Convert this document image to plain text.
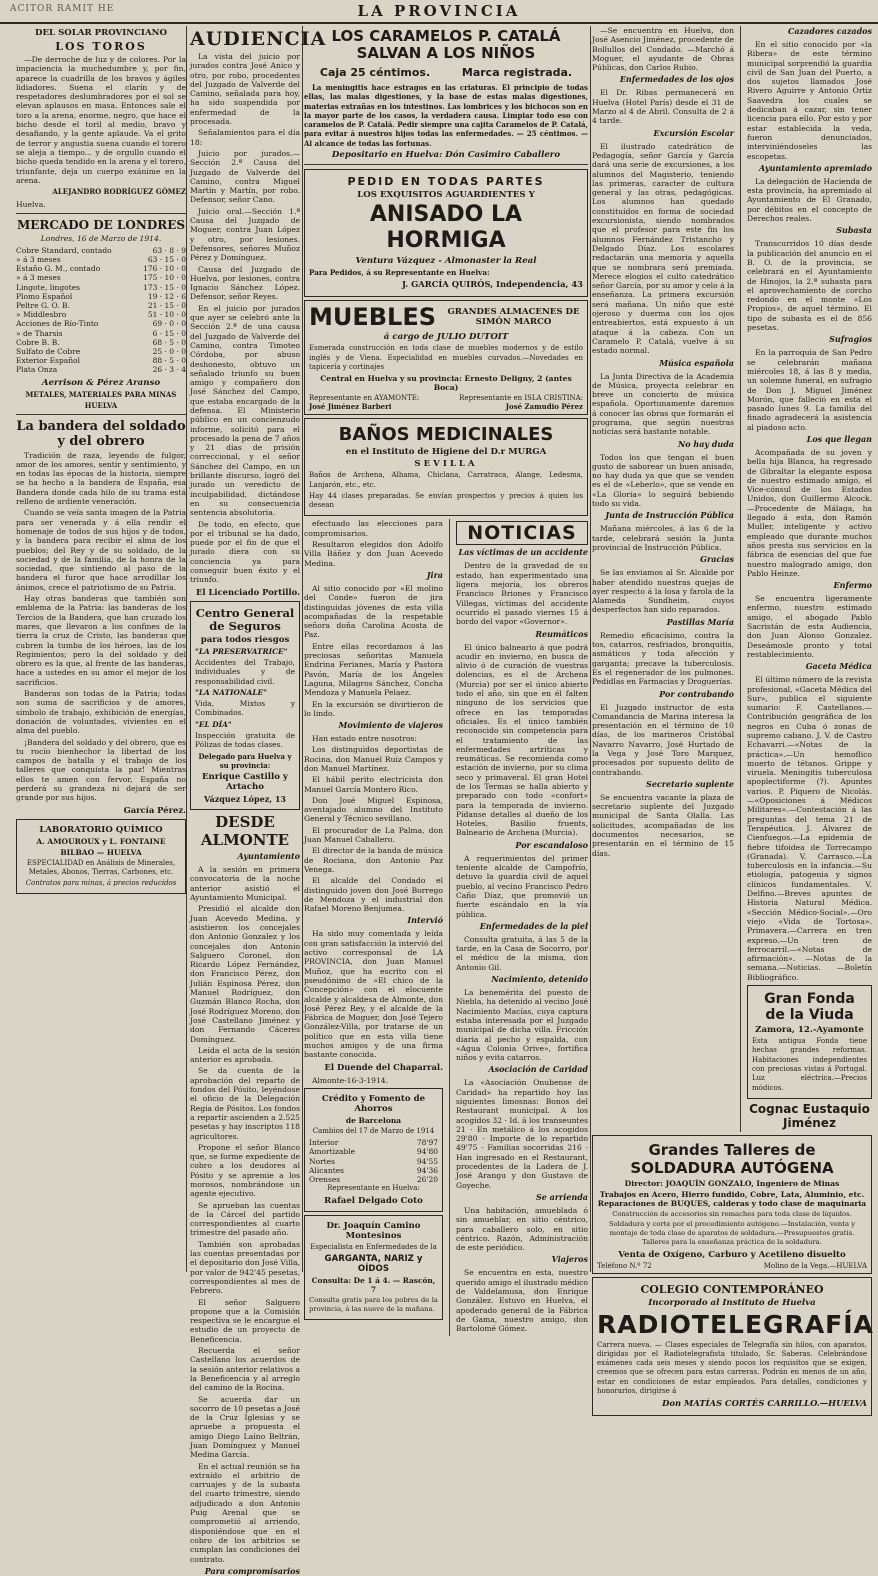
ACITOR RAMIT HE	LA PROVINCIA
DEL SOLAR PROVINCIANO
LOS TOROS

—De derroche de luz y de colores. Por la impaciencia la muchedumbre y, por fin, aparece la cuadrilla de los bravos y ágiles lidiadores. Suena el clarín y de respetadores deslumbradores por el sol se elevan aplausos en masa. Entonces sale el toro a la arena, enorme, negro, que hace el bicho desde el toril al medio, bravo y desafiando, y la gente aplaude. Va el grito de terror y angustia suena cuando el torero se aleja a tiempo... y de orgullo cuando el bicho queda tendido en la arena y el torero, triunfante, deja un cuerpo exánime en la arena.

ALEJANDRO RODRÍGUEZ GÓMEZ
Huelva.
MERCADO DE LONDRES
Londres, 16 de Marzo de 1914.
Cobre Standard, contado	63 · 8 · 9
» á 3 meses	63 · 15 · 0
Estaño G. M., contado	176 · 10 · 0
» á 3 meses	175 · 10 · 0
Lingote, lingotes	173 · 15 · 0
Plomo Español	19 · 12 · 6
Peltre G. O. B.	21 · 15 · 0
» Middlesbro	51 · 10 · 0
Acciones de Río-Tinto	69 · 0 · 0
» de Tharsis	6 · 15 · 0
Cobre B. B.	68 · 5 · 0
Sulfato de Cobre	25 · 0 · 0
Exterior Español	88 · 5 · 0
Plata Onza	26 · 3 · 4
Aerrison & Pérez Aranso
METALES, MATERIALES PARA MINAS
HUELVA
La bandera del soldado y del obrero

Tradición de raza, leyendo de fulgor, amor de los amores, sentir y sentimiento, y en todas las épocas de la historia, siempre se ha hecho a la bandera de España, esa Bandera donde cada hilo de su trama está relleno de ardiente veneración.

Cuando se veía santa imagen de la Patria para ser venerada y á ella rendir el homenaje de todos de sus hijos y de todos, y la bandera para recibir el alma de los pueblos; del Rey y de su soldado, de la sociedad y de la familia, de la honra de la sociedad, que sintiendo al paso de la bandera el furor que hace arrodillar los ánimos, crece el patriotismo de su Patria.

Hay otras banderas que también son emblema de la Patria: las banderas de los Tercios de la Bandera, que han cruzado los mares, que llevaron a los confines de la tierra la cruz de Cristo, las banderas que cubren la tumba de los héroes, las de los Regimientos; pero la del soldado y del obrero es la que, al frente de las banderas, hace a ustedes en su amor el mejor de los sacrificios.

Banderas son todas de la Patria; todas son suma de sacrificios y de amores, símbolo de trabajo, exhibición de energías, donación de voluntades, vivientes en el alma del pueblo.

¡Bandera del soldado y del obrero, que es tu rocío bienhechor la libertad de los campos de batalla y el trabajo de los talleres que conquista la paz! Mientras ellos te amen con fervor, España no perderá su grandeza ni dejará de ser grande por sus hijos.

García Pérez.
LABORATORIO QUÍMICO
A. AMOUROUX y L. FONTAINE
BILBAO — HUELVA
ESPECIALIDAD en Análisis de Minerales, Metales, Abonos, Tierras, Carbones, etc.
Contratos para minas, á precios reducidos
AUDIENCIA

La vista del juicio por jurados contra José Anico y otro, por robo, procedentes del Juzgado de Valverde del Camino, señalada para hoy, ha sido suspendida por enfermedad de la procesada.

Señalamientos para el día 18:

Juicio por jurados.—Sección 2.ª Causa del Juzgado de Valverde del Camino, contra Miguel Martín y Martín, por robo. Defensor, señor Cano.

Juicio oral.—Sección 1.ª Causa del Juzgado de Moguer, contra Juan López y otro, por lesiones. Defensores, señores Muñoz Pérez y Domínguez.

Causa del Juzgado de Huelva, por lesiones, contra Ignacio Sánchez López. Defensor, señor Reyes.

En el juicio por jurados que ayer se celebró ante la Sección 2.ª de una causa del Juzgado de Valverde del Camino, contra Timoteo Córdoba, por abuso deshonesto, obtuvo un señalado triunfo su buen amigo y compañero don José Sánchez del Campo, que estaba encargado de la defensa. El Ministerio público en un concienzudo informe, solicitó para el procesado la pena de 7 años y 21 días de prisión correccional, y el señor Sánchez del Campo, en un brillante discurso, logró del jurado un veredicto de inculpabilidad, dictándose en su consecuencia sentencia absolutoria.

De todo, en efecto, que por el tribunal se ha dado, puede por el fin de que el jurado diera con su conciencia ya para conseguir buen éxito y el triunfo.

El Licenciado Portillo.
Centro General de Seguros
para todos riesgos
"LA PRESERVATRICE"
Accidentes del Trabajo, individuales y de responsabilidad civil.
"LA NATIONALE"
Vida, Mixtos y Combinados.
"EL DÍA"
Inspección gratuita de Pólizas de todas clases.
Delegado para Huelva y su provincia:
Enrique Castillo y Artacho
Vázquez López, 13
DESDE ALMONTE
Ayuntamiento

A la sesión en primera convocatoria de la noche anterior asistió el Ayuntamiento Municipal.

Presidió el alcalde don Juan Acevedo Medina, y asistieron los concejales don Antonio Gonzalez y los concejales don Antonio Salguero Coronel, don Ricardo López Fernández, don Francisco Pérez, don Julián Espinosa Pérez, don Manuel Rodríguez, don Guzmán Blanco Rocha, don José Rodríguez Moreno, don José Castellano Jiménez y don Fernando Cáceres Domínguez.

Leída el acta de la sesión anterior es aprobada.

Se da cuenta de la aprobación del reparto de fondos del Pósito, leyéndose el oficio de la Delegación Regia de Pósitos. Los fondos a repartir ascienden a 2.525 pesetas y hay inscriptos 118 agricultores.

Propone el señor Blanco que, se forme expediente de cobro a los deudores al Pósito y se apremie a los morosos, nombrándose un agente ejecutivo.

Se aprueban las cuentas de la Cárcel del partido correspondientes al cuarto trimestre del pasado año.

También son aprobadas las cuentas presentadas por el depositario don José Villa, por valor de 942'45 pesetas, correspondientes al mes de Febrero.

El señor Salguero propone que a la Comisión respectiva se le encargue el estudio de un proyecto de Beneficencia.

Recuerda el señor Castellano los acuerdos de la sesión anterior relativos a la Beneficencia y al arreglo del camino de la Rocina.

Se acuerda dar un socorro de 10 pesetas a José de la Cruz Iglesias y se apruebe a propuesta el amigo Diego Laíno Beltrán, Juan Domínguez y Manuel Medina García.

En el actual reunión se ha extraído el arbitrio de carruajes y de la subasta del cuarto trimestre, siendo adjudicado a don Antonio Puig Arenal que se comprometió al arriendo, disponiéndose que en el cobro de los arbitrios se cumplan las condiciones del contrato.

Para compromisarios
LOS CARAMELOS P. CATALÁ SALVAN A LOS NIÑOS
Caja 25 céntimos.	Marca registrada.

La meningitis hace estragos en las criaturas. El principio de todas ellas, las malas digestiones, y la base de estas malas digestiones, materias extrañas en los intestinos. Las lombrices y los bichocos son en la mayor parte de los casos, la verdadera causa. Limpiar todo eso con caramelos de P. Catalá. Pedir siempre una cajita Caramelos de P. Catalá, para evitar á nuestros hijos todas las enfermedades. — 25 céntimos. — Al alcance de todas las fortunas.

Depositario en Huelva: Dón Casimiro Caballero
PEDID EN TODAS PARTES
LOS EXQUISITOS AGUARDIENTES Y
ANISADO LA HORMIGA
Ventura Vázquez - Almonaster la Real
Para Pedidos, á su Representante en Huelva:
J. GARCÍA QUIRÓS, Independencia, 43
MUEBLES	GRANDES ALMACENES DE SIMÓN MARCO
á cargo de JULIO DUTOIT

Esmerada construcción en toda clase de muebles modernos y de estilo inglés y de Viena. Especialidad en muebles curvados.—Novedades en tapicería y cortinajes

Central en Huelva y su provincia: Ernesto Deligny, 2 (antes Boca)
Representante en AYAMONTE:
José Jiménez Barberi
Representante en ISLA CRISTINA:
José Zamudio Pérez
BAÑOS MEDICINALES
en el Instituto de Higiene del D.r MURGA
SEVILLA

Baños de Archena, Alhama, Chiclana, Carratraca, Alange, Ledesma, Lanjarón, etc., etc.

Hay 44 clases preparadas. Se envían prospectos y precios á quien los desean

efectuado las elecciones para compromisarios.

Resultaron elegidos don Adolfo Villa Báñez y don Juan Acevedo Medina.

Jira

Al sitio conocido por «El molino del Conde» fueron de jira distinguidas jóvenes de esta villa acompañadas de la respetable señora doña Carolina Acosta de Paz.

Entre ellas recordamos á las preciosas señoritas Manuela Endrina Ferianes, María y Pastora Pavón, María de los Ángeles Laguna, Milagros Sánchez, Concha Mendoza y Manuela Pelaez.

En la excursión se divirtieron de lo lindo.

Movimiento de viajeros

Han estado entre nosotros:

Los distinguidos deportistas de Rocina, don Manuel Ruiz Campos y don Manuel Martínez.

El hábil perito electricista don Manuel García Montero Rico.

Don José Miguel Espinosa, aventajado alumno del Instituto General y Técnico sevillano.

El procurador de La Palma, don Juan Manuel Caballero.

El director de la banda de música de Rociana, don Antonio Paz Venega.

El alcalde del Condado el distinguido joven don José Borrego de Mendoza y el industrial don Rafael Moreno Benjumea.

Intervió

Ha sido muy comentada y leída con gran satisfacción la intervió del activo corresponsal de LA PROVINCIA, don Juan Manuel Muñoz, que ha escrito con el pseudónimo de «El chico de la Concepción» con el elocuente alcalde y alcaldesa de Almonte, don José Pérez Rey, y el alcalde de la Fábrica de Moguer, don José Tejero González-Villa, por tratarse de un político que en esta villa tiene muchos amigos y de una firma bastante conocida.

El Duende del Chaparral.

Almonte-16-3-1914.

Crédito y Fomento de Ahorros
de Barcelona
Cambios del 17 de Marzo de 1914
Interior	78'97
Amortizable	94'80
Nortes	94'55
Alicantes	94'36
Orenses	26'20
Representante en Huelva:
Rafael Delgado Coto
Dr. Joaquín Camino Montesinos
Especialista en Enfermedades de la
GARGANTA, NARIZ y OÍDOS
Consulta: De 1 á 4. — Rascón, 7
Consulta gratis para los pobres de la provincia, á las nueve de la mañana.
NOTICIAS
Las víctimas de un accidente

Dentro de la gravedad de su estado, han experimentado una ligera mejoría, los obreros Francisco Briones y Francisco Villegas, víctimas del accidente ocurrido el pasado viernes 15 á bordo del vapor «Governor».

Reumáticos

El único balneario á que podrá acudir en invierno, en busca de alivio ó de curación de vuestras dolencias, es el de Archena (Murcia) por ser el único abierto todo el año, sin que en él falten ninguno de los servicios que ofrece en las temporadas oficiales. Es el único también reconocido sin competencia para el tratamiento de las enfermedades artríticas y reumáticas. Se recomienda como estación de invierno, por su clima seco y primaveral. El gran Hotel de los Termas se halla abierto y preparado con todo «confort» para la temporada de invierno. Pídanse detalles al dueño de los Hoteles, Basilio fruents, Balneario de Archena (Murcia).

Por escandaloso

A requerimientos del primer teniente alcalde de Campofrío, detuvo la guardia civil de aquel pueblo, al vecino Francisco Pedro Caño Díaz, que promovió un fuerte escándalo en la vía pública.

Enfermedades de la piel

Consulta gratuita, á las 5 de la tarde, en la Casa de Socorro, por el médico de la misma, don Antonio Gil.

Nacimiento, detenido

La benemérita del puesto de Niebla, ha detenido al vecino José Nacimiento Macías, cuya captura estaba interesada por el Juzgado municipal de dicha villa. Fricción diaria al pecho y espalda, con «Agua Colonia Orive», fortifica niños y evita catarros.

Asociación de Caridad

La «Asociación Onubense de Caridad» ha repartido hoy las siguientes limosnas: Bonos del Restaurant municipal. A los acogidos 32 · Id. á los transeuntes 21 · En metálico á los acogidos 29'80 · Importe de lo repartido 49'75 · Familias socorridas 216 · Han ingresado en el Restaurant, procedentes de la Ladera de J. José Arangu y don Gustavo de Goyeche.

Se arrienda

Una habitación, amueblada ó sin amueblar, en sitio céntrico, para caballero solo, en sitio céntrico. Razón, Administración de este periódico.

Viajeros

Se encuentra en esta, nuestro querido amigo el ilustrado médico de Valdelamusa, don Enrique González. Estuvo en Huelva, el apoderado general de la Fábrica de Gama, nuestro amigo, don Bartolomé Gómez.

—Se encuentra en Huelva, don José Asencio Jiménez, procedente de Bollullos del Condado. —Marchó á Moguer, el ayudante de Obras Públicas, don Carlos Rubio.

Enfermedades de los ojos

El Dr. Ribas permanecerá en Huelva (Hotel París) desde el 31 de Marzo al 4 de Abril. Consulta de 2 á 4 tarde.

Excursión Escolar

El ilustrado catedrático de Pedagogía, señor García y García dará una serie de excursiones, a los alumnos del Magisterio, teniendo las primeras, caracter de cultura general y las otras, pedagógicas. Los alumnos han quedado constituídos en forma de sociedad excursionista, siendo nombrados que el profesor para este fin los alumnos Fernández Tristancho y Delgado Díaz. Los escolares redactarán una memoria y aquella que se nombrara será premiada. Merece elogios el culto catedrático señor García, por su amor y celo á la enseñanza. La primera excursión será mañana. Un niño que esté ojeroso y duerma con los ojos entreabiertos, está expuesto á un ataque á la cabeza. Con un Caramelo P. Catalá, vuelve á su estado normal.

Música española

La Junta Directiva de la Academia de Música, proyecta celebrar en breve un concierto de música española. Oportunamente daremos á conocer las obras que formarán el programa, que según nuestras noticias será bastante notable.

No hay duda

Todos los que tengan el buen gusto de saborear un buen anisado, no hay duda ya que que se venden es el de «Leberlo», que se vende en «La Gloria» lo seguirá bebiendo todo su vida.

Junta de Instrucción Pública

Mañana miércoles, á las 6 de la tarde, celebrará sesión la Junta provincial de Instrucción Pública.

Gracias

Se las enviamos al Sr. Alcalde por haber atendido nuestras quejas de ayer respecto á la losa y farola de la Alameda Sundheim, cuyos desperfectos han sido reparados.

Pastillas María

Remedio eficacísimo, contra la tos, catarros, resfriados, bronquitis, asmáticos y toda afección y garganta; precave la tuberculosis. Es el regenerador de los pulmones. Pedidlas en Farmacias y Droguerías.

Por contrabando

El Juzgado instructor de esta Comandancia de Marina interesa la presentación en el término de 10 días, de los marineros Cristóbal Navarro Navarro, José Hurtado de la Vega y José Toro Marquez, procesados por supuesto delito de contrabando.

Secretario suplente

Se encuentra vacante la plaza de secretario suplente del Juzgado municipal de Santa Olalla. Las solicitudes, acompañadas de los documentos necesarios, se presentarán en el término de 15 días.

Cazadores cazados

En el sitio conocido por «la Ribera» de este término municipal sorprendió la guardia civil de San Juan del Puerto, a dos sujetos llamados José Rivero Aguirre y Antonio Ortiz Saavedra los cuales se dedicaban á cazar, sin tener licencia para ello. Por esto y por estar establecida la veda, fueron denunciados, interviniéndoseles las escopetas.

Ayuntamiento apremiado

La delegación de Hacienda de esta provincia, ha apremiado al Ayuntamiento de El Granado, por débitos en el concepto de Derechos reales.

Subasta

Transcurridos 10 días desde la publicación del anuncio en el B. O. de la provincia, se celebrará en el Ayuntamiento de Hinojos, la 2.ª subasta para el aprovechamiento de corcho redondo en el monte «Los Propios», de aquel término. El tipo de subasta es el de 856 pesetas.

Sufragios

En la parroquia de San Pedro se celebrarán mañana miércoles 18, á las 8 y media, un solemne funeral, en sufragio de Don J. Miguel Jiménez Morón, que falleció en esta el pasado lunes 9. La familia del finado agradecerá la asistencia al piadoso acto.

Los que llegan

Acompañada de su joven y bella hija Blanca, ha regresado de Gibraltar la elegante esposa de nuestro estimado amigo, el Vice-cónsul de los Estados Unidos, don Guillermo Alcock. —Procedente de Málaga, ha llegado á esta, don Ramón Muller, inteligente y activo empleado que durante muchos años presta sus servicios en la fábrica de esencias del que fue nuestro malogrado amigo, don Pablo Heinze.

Enfermo

Se encuentra ligeramente enfermo, nuestro estimado amigo, el abogado Pablo Sacristán de esta Audiencia, don Juan Alonso Gonzalez. Deseámosle pronto y total restablecimiento.

Gaceta Médica

El último número de la revista profesional, «Gaceta Médica del Sur», publica el siguiente sumario: F. Castellanos.—Contribución geográfica de los negros en Cuba ó zonas de supremo cabano. J. V. de Castro Echavarri.—«Notas de la práctica».—Un hemoflico muerto de tétanos. Grippe y viruela. Meningitis tuberculosa apoplectiforme (?). Apuntes varios. P. Piquero de Nicolás.—«Oposiciones á Médicos Militares».—Contestación á las preguntas del tema 21 de Terapéutica. J. Álvarez de Cienfuegos.—La epidemia de fiebre tifoidea de Torrecampo (Granada). V. Carrasco.—La tuberculosis en la infancia.—Su etiología, patogenia y signos clínicos fundamentales. V. Delfino.—Breves apuntes de Historia Natural Médica. «Sección Médico-Social».—Oro viejo «Vida de Tortosa». Primavera.—Carrera en tren expreso.—Un tren de ferrocarril.—«Notas de afirmación». —Notas de la semana.—Noticias. —Boletín Bibliográfico.

Gran Fonda de la Viuda
Zamora, 12.-Ayamonte

Esta antigua Fonda tiene hechas grandes reformas. Habitaciones independientes con preciosas vistas á Portugal. Luz eléctrica.—Precios módicos.

Cognac Eustaquio Jiménez
Grandes Talleres de SOLDADURA AUTÓGENA
Director: JOAQUÍN GONZALO, Ingeniero de Minas

Trabajos en Acero, Hierro fundido, Cobre, Lata, Aluminio, etc. Reparaciones de BUQUES, calderas y todo clase de maquinaria

Construcción de accesorios sin remaches para toda clase de líquidos. Soldadura y corte por el procedimiento autógeno.—Instalación, venta y montaje de toda clase de aparatos de soldadura.—Presupuestos gratis. Talleres para la enseñanza práctica de la soldadura.

Venta de Oxígeno, Carburo y Acetileno disuelto
Teléfono N.º 72	Molino de la Vega.—HUELVA
COLEGIO CONTEMPORÁNEO
Incorporado al Instituto de Huelva
RADIOTELEGRAFÍA

Carrera nueva. — Clases especiales de Telegrafía sin hilos, con aparatos, dirigidas por el Radiotelegrafista titulado, Sr. Saberas. Celebrándose exámenes cada seis meses y siendo pocos los requisitos que se exigen, creemos que se ofrecen para estas carreras. Podrán en menos de un año, estar en condiciones de estar empleados. Para detalles, condiciones y honorarios, dirigirse á

Don MATÍAS CORTÉS CARRILLO.—HUELVA
